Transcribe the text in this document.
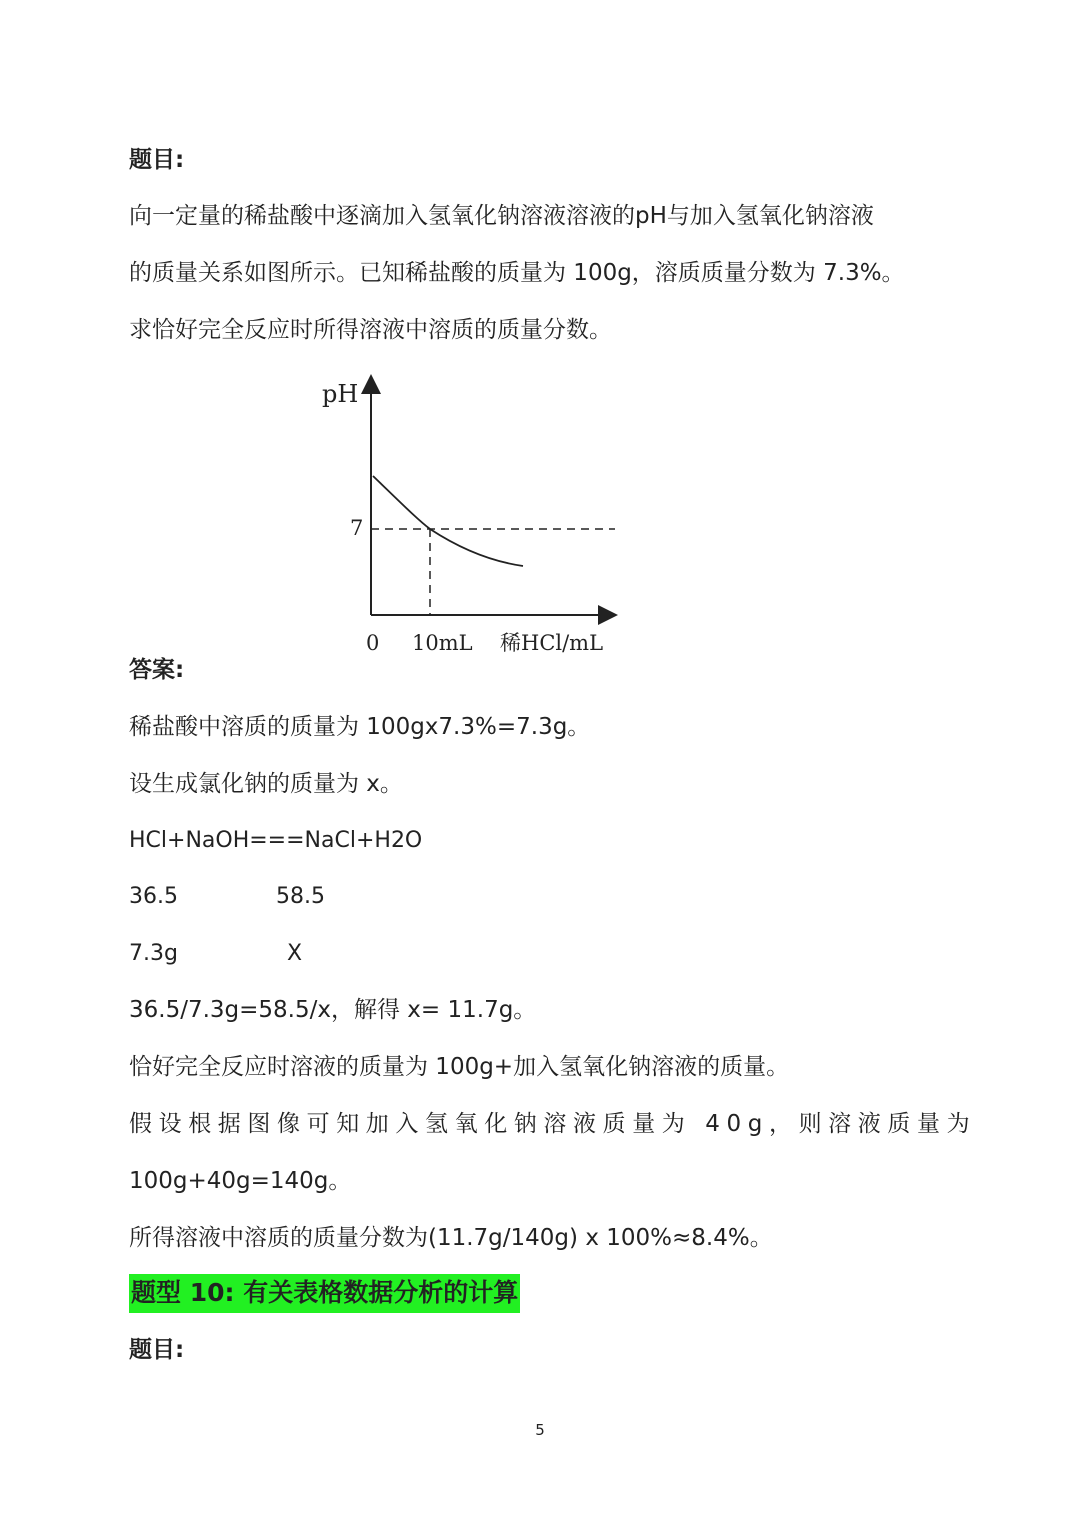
题目:
向一定量的稀盐酸中逐滴加入氢氧化钠溶液溶液的pH与加入氢氧化钠溶液
的质量关系如图所示。已知稀盐酸的质量为 100g，溶质质量分数为 7.3%。
求恰好完全反应时所得溶液中溶质的质量分数。
pH
7
0 10mL 稀HCl/mL
答案:
稀盐酸中溶质的质量为 100gx7.3%=7.3g。
设生成氯化钠的质量为 x。
HCl+NaOH===NaCl+H2O
36.5	58.5
7.3g	X
36.5/7.3g=58.5/x，解得 x= 11.7g。
恰好完全反应时溶液的质量为 100g+加入氢氧化钠溶液的质量。
假设根据图像可知加入氢氧化钠溶液质量为 40g，则溶液质量为
100g+40g=140g。
所得溶液中溶质的质量分数为(11.7g/140g) x 100%≈8.4%。
题型 10: 有关表格数据分析的计算
题目:
5
